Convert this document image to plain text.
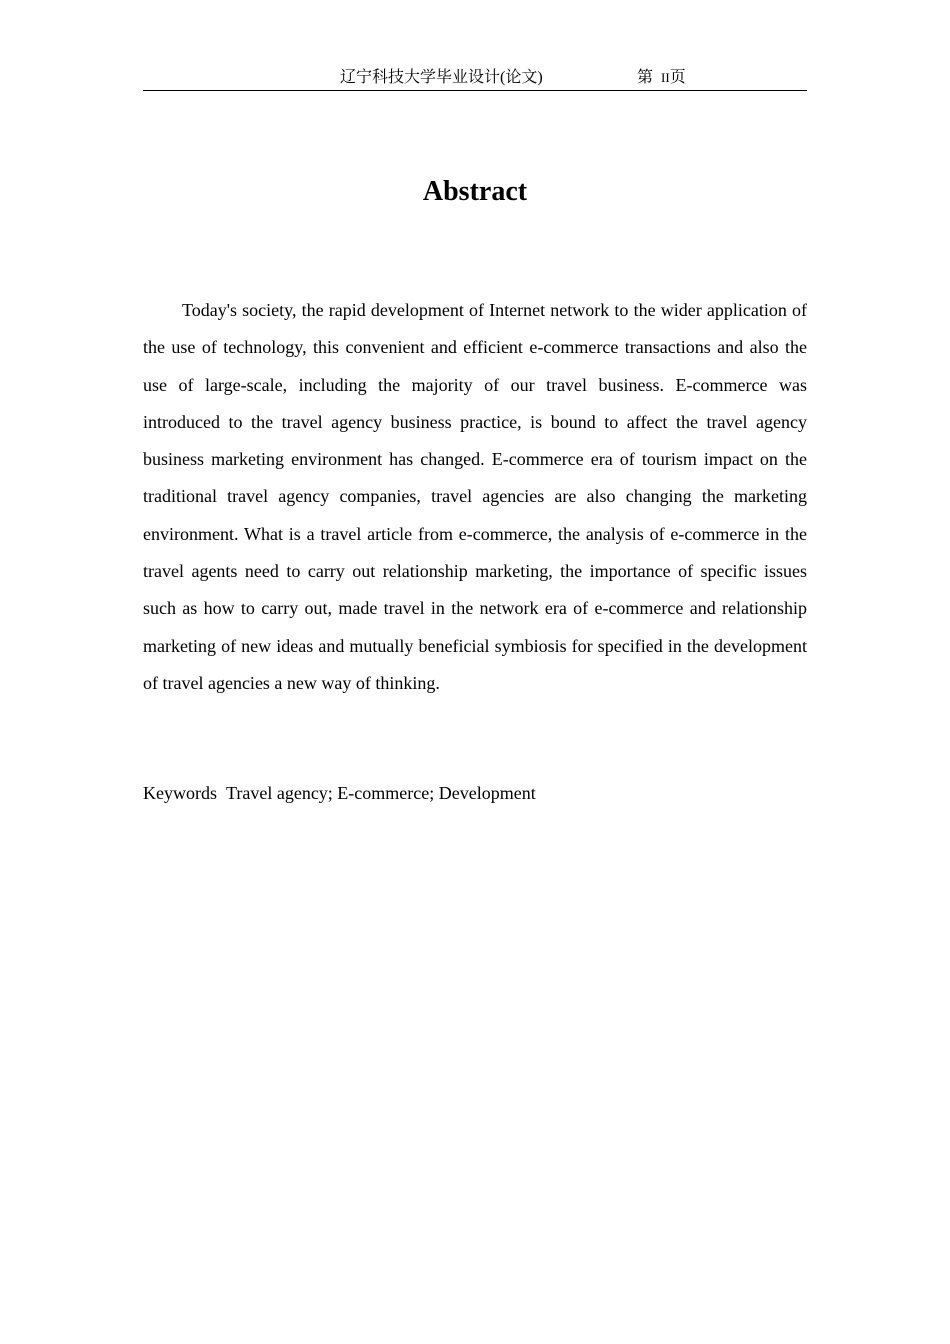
辽宁科技大学毕业设计(论文)	第 II页
Abstract

Today's society, the rapid development of Internet network to the wider application of the use of technology, this convenient and efficient e-commerce transactions and also the use of large-scale, including the majority of our travel business. E-commerce was introduced to the travel agency business practice, is bound to affect the travel agency business marketing environment has changed. E-commerce era of tourism impact on the traditional travel agency companies, travel agencies are also changing the marketing environment. What is a travel article from e-commerce, the analysis of e-commerce in the travel agents need to carry out relationship marketing, the importance of specific issues such as how to carry out, made travel in the network era of e-commerce and relationship marketing of new ideas and mutually beneficial symbiosis for specified in the development of travel agencies a new way of thinking.

Keywords Travel agency; E-commerce; Development
